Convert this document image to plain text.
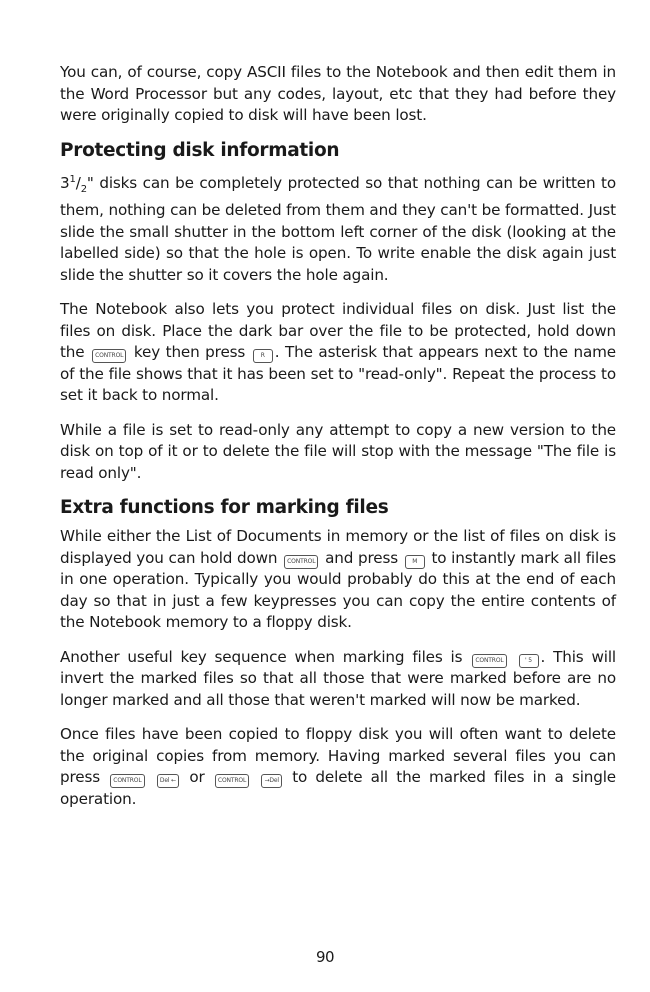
You can, of course, copy ASCII files to the Notebook and then edit them in the Word Processor but any codes, layout, etc that they had before they were originally copied to disk will have been lost.

Protecting disk information

$3^1/_2$" disks can be completely protected so that nothing can be written to them, nothing can be deleted from them and they can't be formatted. Just slide the small shutter in the bottom left corner of the disk (looking at the labelled side) so that the hole is open. To write enable the disk again just slide the shutter so it covers the hole again.

The Notebook also lets you protect individual files on disk. Just list the files on disk. Place the dark bar over the file to be protected, hold down the CONTROL key then press	R . The asterisk that appears next to the name of the file shows that it has been set to "read-only". Repeat the process to set it back to normal.

While a file is set to read-only any attempt to copy a new version to the disk on top of it or to delete the file will stop with the message "The file is read only".

Extra functions for marking files

While either the List of Documents in memory or the list of files on disk is displayed you can hold down CONTROL and press M to instantly mark all files in one operation. Typically you would probably do this at the end of each day so that in just a few keypresses you can copy the entire contents of the Notebook memory to a floppy disk.

Another useful key sequence when marking files is CONTROL	' 5 . This will invert the marked files so that all those that were marked before are no longer marked and all those that weren't marked will now be marked.

Once files have been copied to floppy disk you will often want to delete the original copies from memory. Having marked several files you can press CONTROL	Del ← or CONTROL	→Del to delete all the marked files in a single operation.

90
